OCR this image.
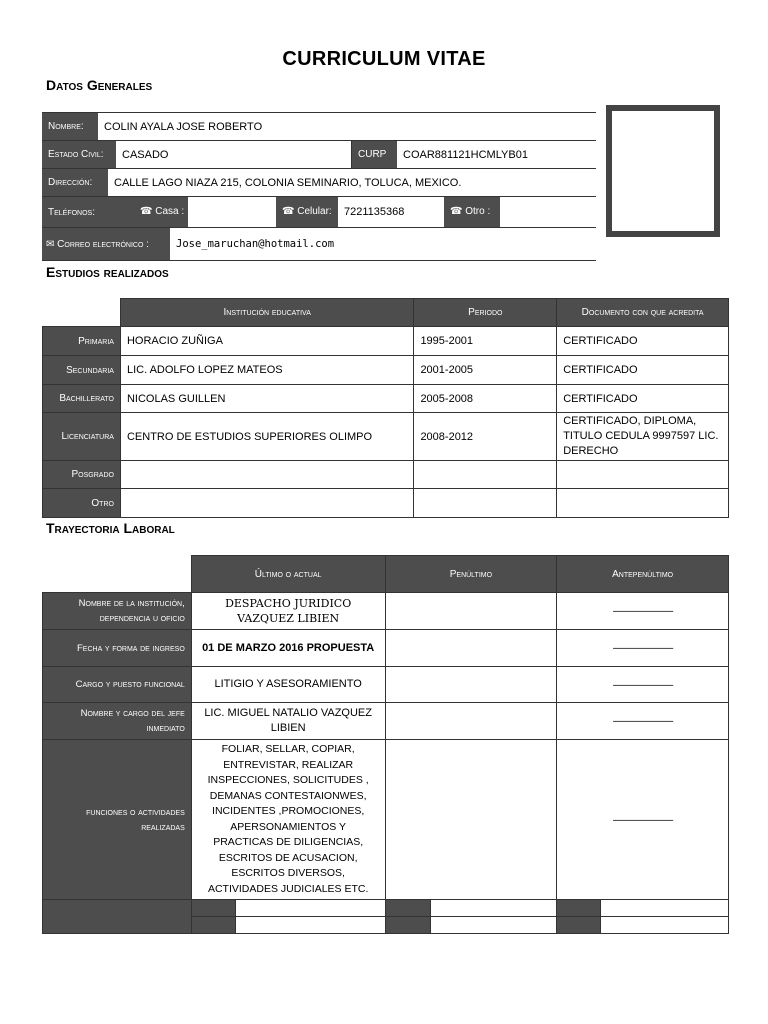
CURRICULUM VITAE
Datos Generales
Nombre:	COLIN AYALA JOSE ROBERTO
Estado Civil:	CASADO	CURP	COAR881121HCMLYB01
Dirección:	CALLE LAGO NIAZA 215, COLONIA SEMINARIO, TOLUCA, MEXICO.
Teléfonos:	☎ Casa :	☎ Celular:	7221135368	☎ Otro :
✉ Correo electrónico :	Jose_maruchan@hotmail.com
Estudios realizados
	Institución educativa	Periodo	Documento con que acredita
Primaria	HORACIO ZUÑIGA	1995-2001	CERTIFICADO
Secundaria	LIC. ADOLFO LOPEZ MATEOS	2001-2005	CERTIFICADO
Bachillerato	NICOLAS GUILLEN	2005-2008	CERTIFICADO
Licenciatura	CENTRO DE ESTUDIOS SUPERIORES OLIMPO	2008-2012	CERTIFICADO, DIPLOMA, TITULO CEDULA 9997597 LIC. DERECHO
Posgrado			
Otro			
Trayectoria Laboral
	Último o actual		Penúltimo		Antepenúltimo	
Nombre de la institución, dependencia u oficio	DESPACHO JURIDICO VAZQUEZ LIBIEN				------------------------------	
Fecha y forma de ingreso	01 DE MARZO 2016 PROPUESTA				------------------------------	
Cargo y puesto funcional	LITIGIO Y ASESORAMIENTO				------------------------------	
Nombre y cargo del jefe inmediato	LIC. MIGUEL NATALIO VAZQUEZ LIBIEN				------------------------------	
funciones o actividades realizadas	FOLIAR, SELLAR, COPIAR, ENTREVISTAR, REALIZAR INSPECCIONES, SOLICITUDES , DEMANAS CONTESTAIONWES, INCIDENTES ,PROMOCIONES, APERSONAMIENTOS Y PRACTICAS DE DILIGENCIAS, ESCRITOS DE ACUSACION, ESCRITOS DIVERSOS, ACTIVIDADES JUDICIALES ETC.				------------------------------	
